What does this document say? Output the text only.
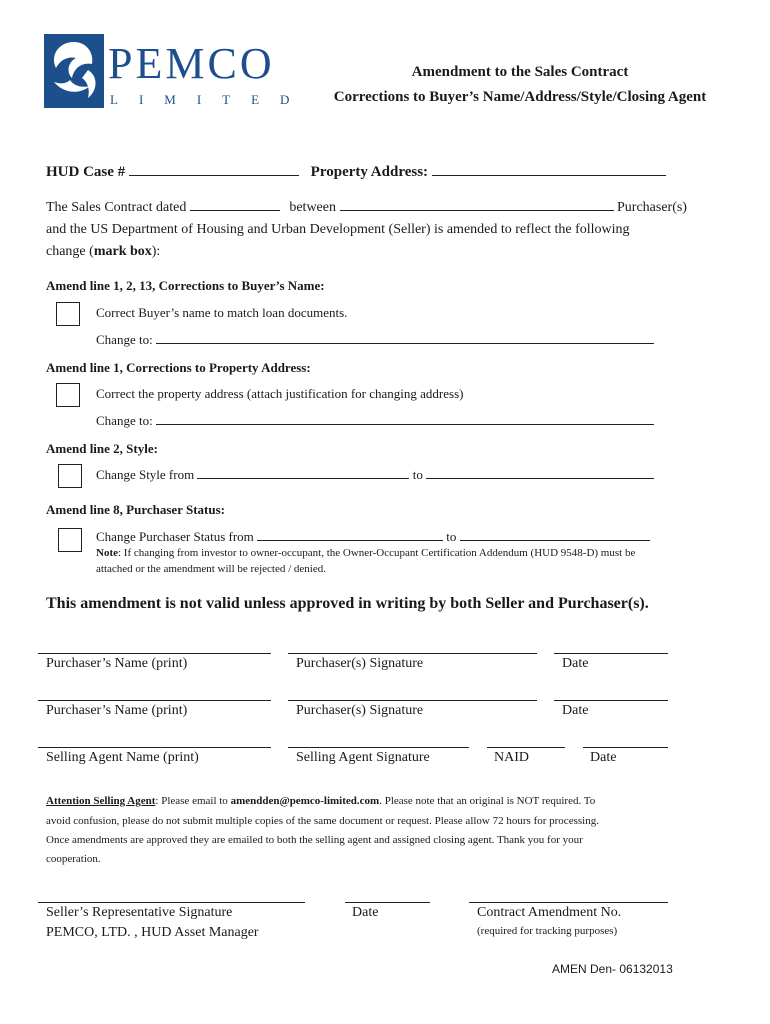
PEMCO
LIMITED
Amendment to the Sales Contract
Corrections to Buyer’s Name/Address/Style/Closing Agent
HUD Case #	Property Address:
The Sales Contract dated	between	Purchaser(s)
and the US Department of Housing and Urban Development (Seller) is amended to reflect the following
change (mark box):
Amend line 1, 2, 13, Corrections to Buyer’s Name:
Correct Buyer’s name to match loan documents.
Change to:
Amend line 1, Corrections to Property Address:
Correct the property address (attach justification for changing address)
Change to:
Amend line 2, Style:
Change Style from	to
Amend line 8, Purchaser Status:
Change Purchaser Status from	to
Note: If changing from investor to owner-occupant, the Owner-Occupant Certification Addendum (HUD 9548-D) must be
attached or the amendment will be rejected / denied.
This amendment is not valid unless approved in writing by both Seller and Purchaser(s).
Purchaser’s Name (print)	Purchaser(s) Signature	Date
Purchaser’s Name (print)	Purchaser(s) Signature	Date
Selling Agent Name (print)	Selling Agent Signature	NAID	Date
Attention Selling Agent: Please email to amendden@pemco-limited.com. Please note that an original is NOT required. To
avoid confusion, please do not submit multiple copies of the same document or request. Please allow 72 hours for processing.
Once amendments are approved they are emailed to both the selling agent and assigned closing agent. Thank you for your
cooperation.
Seller’s Representative Signature
PEMCO, LTD. , HUD Asset Manager
Date	Contract Amendment No.
(required for tracking purposes)
AMEN Den- 06132013
